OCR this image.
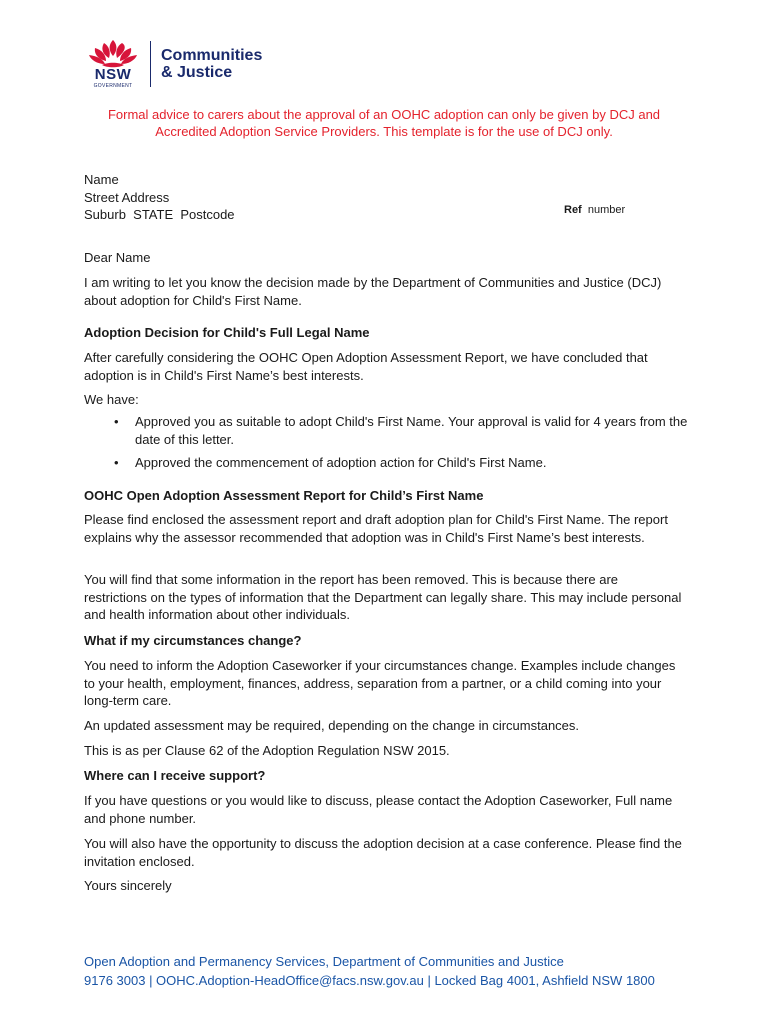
NSW
GOVERNMENT
Communities
& Justice
Formal advice to carers about the approval of an OOHC adoption can only be given by DCJ and Accredited Adoption Service Providers. This template is for the use of DCJ only.
Name
Street Address
Suburb  STATE  Postcode	Ref number
Dear Name
I am writing to let you know the decision made by the Department of Communities and Justice (DCJ) about adoption for Child's First Name.
Adoption Decision for Child's Full Legal Name
After carefully considering the OOHC Open Adoption Assessment Report, we have concluded that adoption is in Child's First Name’s best interests.
We have:
• Approved you as suitable to adopt Child's First Name. Your approval is valid for 4 years from the date of this letter.
• Approved the commencement of adoption action for Child's First Name.
OOHC Open Adoption Assessment Report for Child’s First Name
Please find enclosed the assessment report and draft adoption plan for Child's First Name. The report explains why the assessor recommended that adoption was in Child's First Name’s best interests.
You will find that some information in the report has been removed. This is because there are restrictions on the types of information that the Department can legally share. This may include personal and health information about other individuals.
What if my circumstances change?
You need to inform the Adoption Caseworker if your circumstances change. Examples include changes to your health, employment, finances, address, separation from a partner, or a child coming into your long-term care.
An updated assessment may be required, depending on the change in circumstances.
This is as per Clause 62 of the Adoption Regulation NSW 2015.
Where can I receive support?
If you have questions or you would like to discuss, please contact the Adoption Caseworker, Full name and phone number.
You will also have the opportunity to discuss the adoption decision at a case conference. Please find the invitation enclosed.
Yours sincerely
Open Adoption and Permanency Services, Department of Communities and Justice
9176 3003 | OOHC.Adoption-HeadOffice@facs.nsw.gov.au | Locked Bag 4001, Ashfield NSW 1800
